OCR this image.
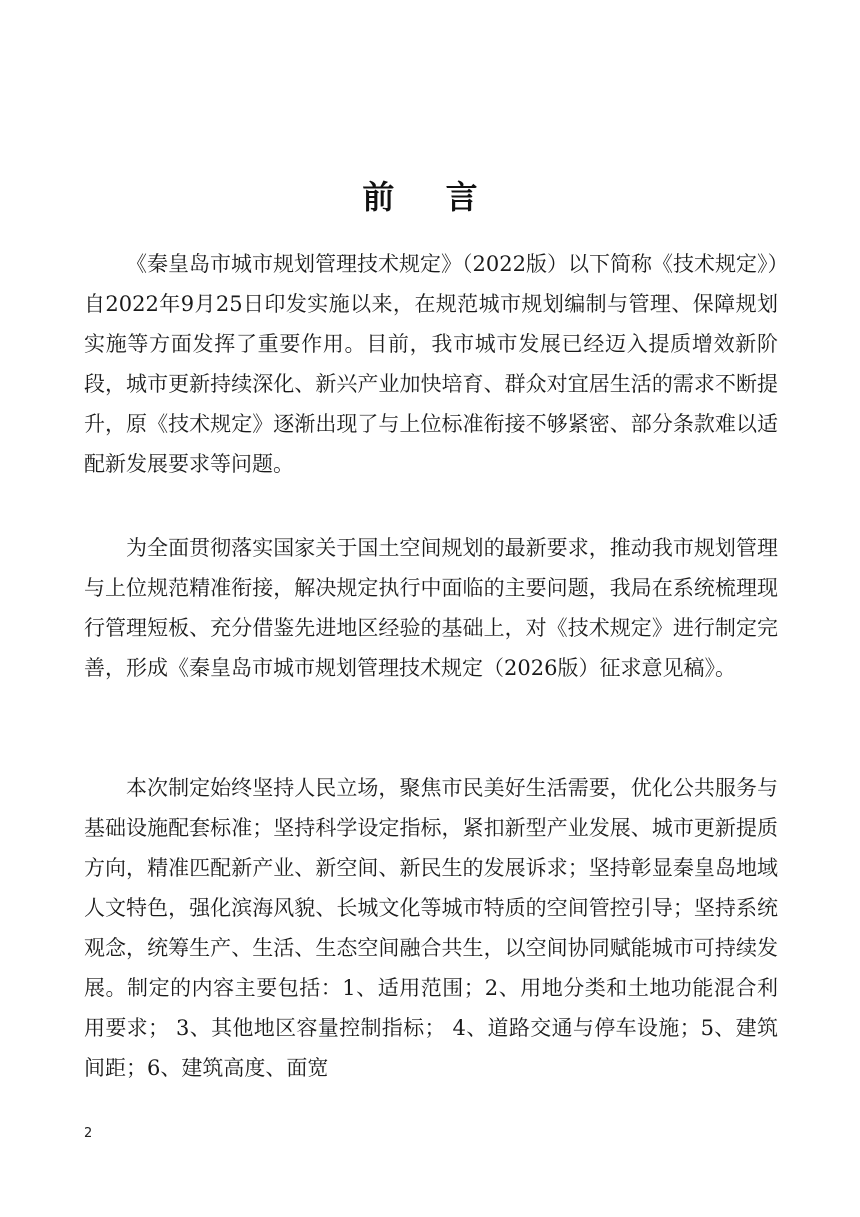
前 言

《秦皇岛市城市规划管理技术规定》（2022版）以下简称《技术规定》）自2022年9月25日印发实施以来，在规范城市规划编制与管理、保障规划实施等方面发挥了重要作用。目前，我市城市发展已经迈入提质增效新阶段，城市更新持续深化、新兴产业加快培育、群众对宜居生活的需求不断提升，原《技术规定》逐渐出现了与上位标准衔接不够紧密、部分条款难以适配新发展要求等问题。

为全面贯彻落实国家关于国土空间规划的最新要求，推动我市规划管理与上位规范精准衔接，解决规定执行中面临的主要问题，我局在系统梳理现行管理短板、充分借鉴先进地区经验的基础上，对《技术规定》进行制定完善，形成《秦皇岛市城市规划管理技术规定（2026版）征求意见稿》。

本次制定始终坚持人民立场，聚焦市民美好生活需要，优化公共服务与基础设施配套标准；坚持科学设定指标，紧扣新型产业发展、城市更新提质方向，精准匹配新产业、新空间、新民生的发展诉求；坚持彰显秦皇岛地域人文特色，强化滨海风貌、长城文化等城市特质的空间管控引导；坚持系统观念，统筹生产、生活、生态空间融合共生，以空间协同赋能城市可持续发展。制定的内容主要包括：1、适用范围；2、用地分类和土地功能混合利用要求； 3、其他地区容量控制指标； 4、道路交通与停车设施；5、建筑间距；6、建筑高度、面宽

2
